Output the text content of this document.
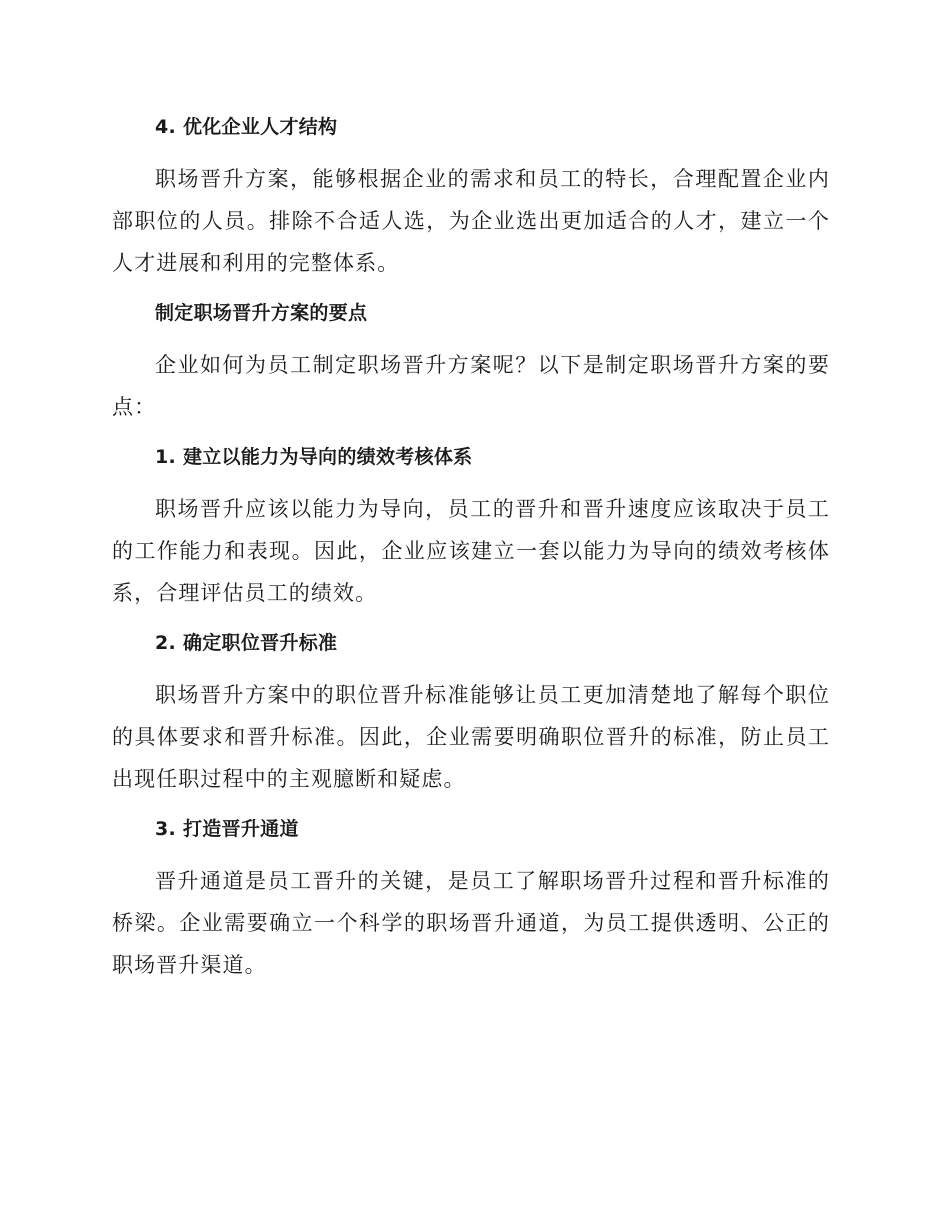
4. 优化企业人才结构

职场晋升方案，能够根据企业的需求和员工的特长，合理配置企业内部职位的人员。排除不合适人选，为企业选出更加适合的人才，建立一个人才进展和利用的完整体系。

制定职场晋升方案的要点

企业如何为员工制定职场晋升方案呢？以下是制定职场晋升方案的要点：

1. 建立以能力为导向的绩效考核体系

职场晋升应该以能力为导向，员工的晋升和晋升速度应该取决于员工的工作能力和表现。因此，企业应该建立一套以能力为导向的绩效考核体系，合理评估员工的绩效。

2. 确定职位晋升标准

职场晋升方案中的职位晋升标准能够让员工更加清楚地了解每个职位的具体要求和晋升标准。因此，企业需要明确职位晋升的标准，防止员工出现任职过程中的主观臆断和疑虑。

3. 打造晋升通道

晋升通道是员工晋升的关键，是员工了解职场晋升过程和晋升标准的桥梁。企业需要确立一个科学的职场晋升通道，为员工提供透明、公正的职场晋升渠道。
